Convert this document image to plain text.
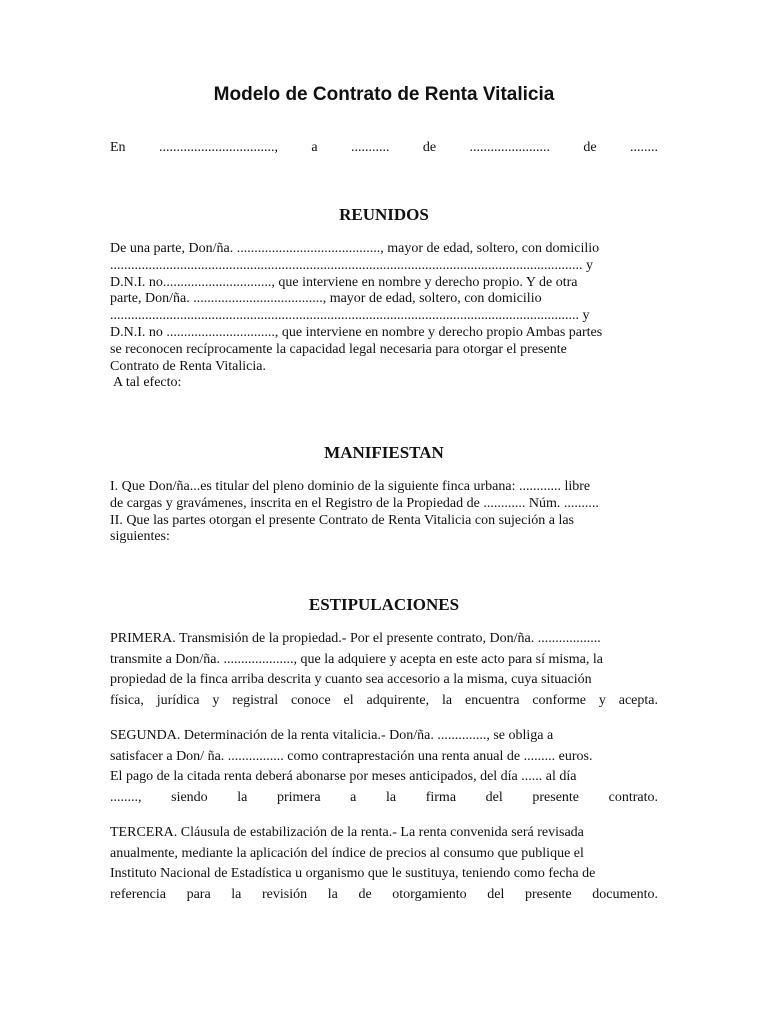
Modelo de Contrato de Renta Vitalicia
En ................................., a ........... de ....................... de ........
REUNIDOS

De una parte, Don/ña. ........................................., mayor de edad, soltero, con domicilio
....................................................................................................................................... y
D.N.I. no..............................., que interviene en nombre y derecho propio. Y de otra
parte, Don/ña. ....................................., mayor de edad, soltero, con domicilio
...................................................................................................................................... y
D.N.I. no ..............................., que interviene en nombre y derecho propio Ambas partes
se reconocen recíprocamente la capacidad legal necesaria para otorgar el presente
Contrato de Renta Vitalicia.
A tal efecto:

MANIFIESTAN

I. Que Don/ña...es titular del pleno dominio de la siguiente finca urbana: ............ libre
de cargas y gravámenes, inscrita en el Registro de la Propiedad de ............ Núm. ..........
II. Que las partes otorgan el presente Contrato de Renta Vitalicia con sujeción a las
siguientes:

ESTIPULACIONES

PRIMERA. Transmisión de la propiedad.- Por el presente contrato, Don/ña. ..................
transmite a Don/ña. ...................., que la adquiere y acepta en este acto para sí misma, la
propiedad de la finca arriba descrita y cuanto sea accesorio a la misma, cuya situación
física, jurídica y registral conoce el adquirente, la encuentra conforme y acepta.

SEGUNDA. Determinación de la renta vitalicia.- Don/ña. .............., se obliga a
satisfacer a Don/ ña. ................ como contraprestación una renta anual de ......... euros.
El pago de la citada renta deberá abonarse por meses anticipados, del día ...... al día
........, siendo la primera a la firma del presente contrato.

TERCERA. Cláusula de estabilización de la renta.- La renta convenida será revisada
anualmente, mediante la aplicación del índice de precios al consumo que publique el
Instituto Nacional de Estadística u organismo que le sustituya, teniendo como fecha de
referencia para la revisión la de otorgamiento del presente documento.
